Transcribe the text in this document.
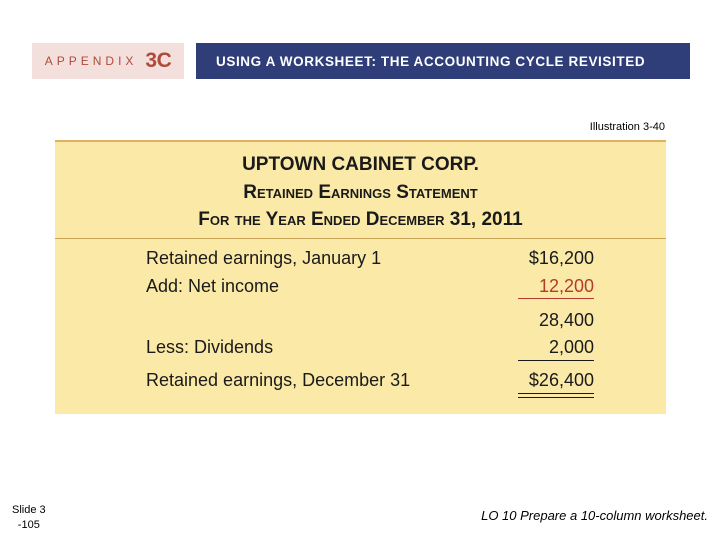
APPENDIX 3C	USING A WORKSHEET: THE ACCOUNTING CYCLE REVISITED
Illustration 3-40
UPTOWN CABINET CORP.
Retained Earnings Statement
For the Year Ended December 31, 2011
Retained earnings, January 1	$16,200
Add: Net income	12,200
28,400
Less: Dividends	2,000
Retained earnings, December 31	$26,400
Slide 3
-105
LO 10 Prepare a 10-column worksheet.
